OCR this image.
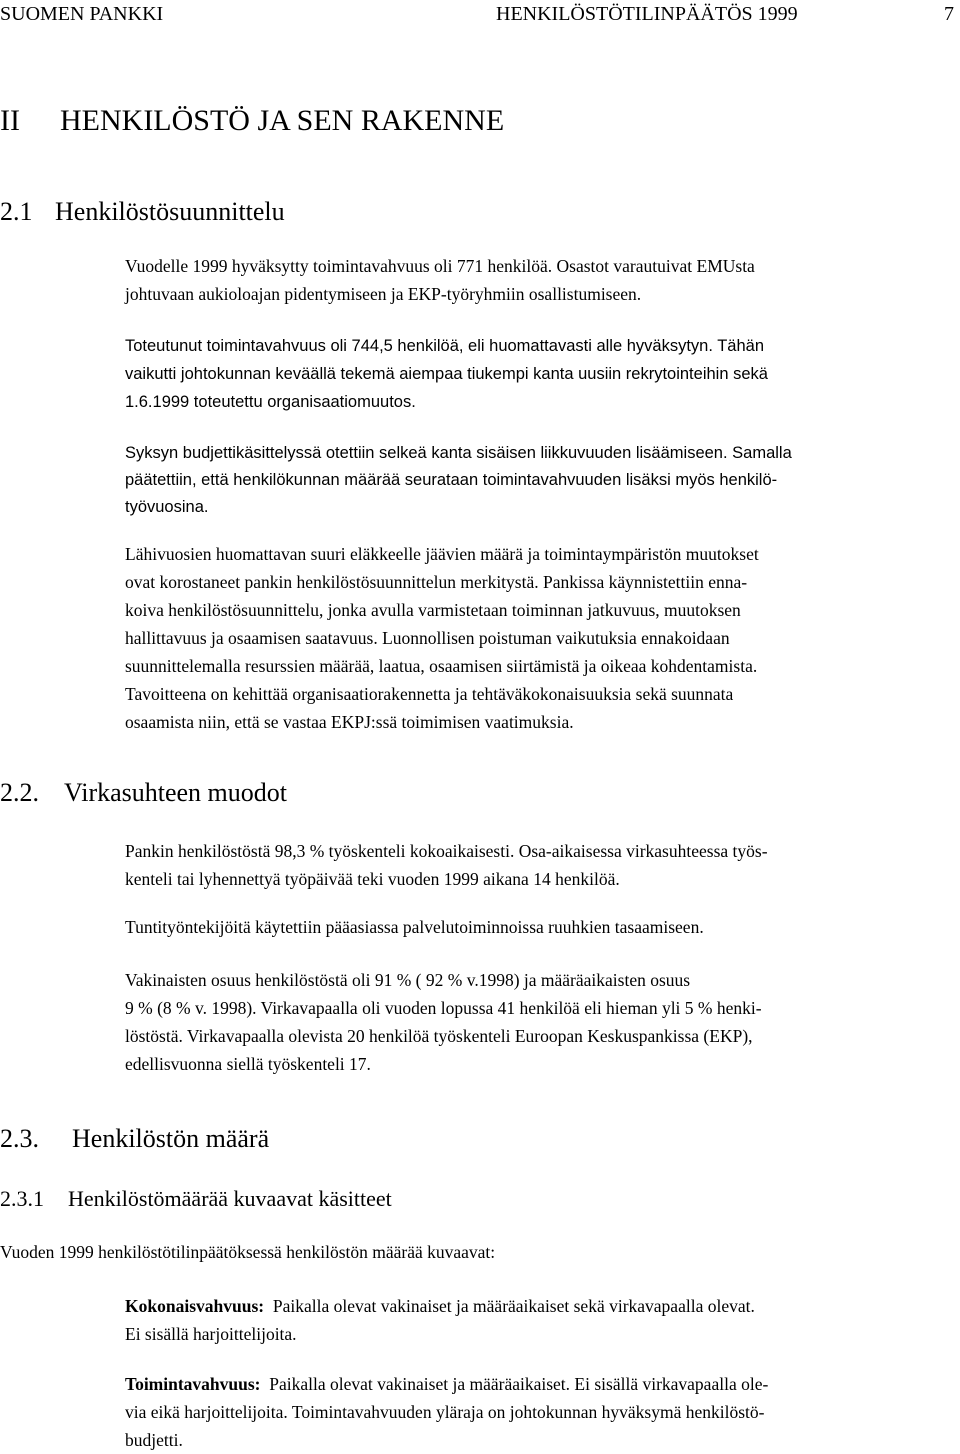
SUOMEN PANKKI	HENKILÖSTÖTILINPÄÄTÖS 1999	7
II HENKILÖSTÖ JA SEN RAKENNE
2.1 Henkilöstösuunnittelu
Vuodelle 1999 hyväksytty toimintavahvuus oli 771 henkilöä. Osastot varautuivat EMUsta
johtuvaan aukioloajan pidentymiseen ja EKP-työryhmiin osallistumiseen.
Toteutunut toimintavahvuus oli 744,5 henkilöä, eli huomattavasti alle hyväksytyn. Tähän
vaikutti johtokunnan keväällä tekemä aiempaa tiukempi kanta uusiin rekrytointeihin sekä
1.6.1999 toteutettu organisaatiomuutos.
Syksyn budjettikäsittelyssä otettiin selkeä kanta sisäisen liikkuvuuden lisäämiseen. Samalla
päätettiin, että henkilökunnan määrää seurataan toimintavahvuuden lisäksi myös henkilö-
työvuosina.
Lähivuosien huomattavan suuri eläkkeelle jäävien määrä ja toimintaympäristön muutokset
ovat korostaneet pankin henkilöstösuunnittelun merkitystä. Pankissa käynnistettiin enna-
koiva henkilöstösuunnittelu, jonka avulla varmistetaan toiminnan jatkuvuus, muutoksen
hallittavuus ja osaamisen saatavuus. Luonnollisen poistuman vaikutuksia ennakoidaan
suunnittelemalla resurssien määrää, laatua, osaamisen siirtämistä ja oikeaa kohdentamista.
Tavoitteena on kehittää organisaatiorakennetta ja tehtäväkokonaisuuksia sekä suunnata
osaamista niin, että se vastaa EKPJ:ssä toimimisen vaatimuksia.
2.2. Virkasuhteen muodot
Pankin henkilöstöstä 98,3 % työskenteli kokoaikaisesti. Osa-aikaisessa virkasuhteessa työs-
kenteli tai lyhennettyä työpäivää teki vuoden 1999 aikana 14 henkilöä.
Tuntityöntekijöitä käytettiin pääasiassa palvelutoiminnoissa ruuhkien tasaamiseen.
Vakinaisten osuus henkilöstöstä oli 91 % ( 92 % v.1998) ja määräaikaisten osuus
9 % (8 % v. 1998). Virkavapaalla oli vuoden lopussa 41 henkilöä eli hieman yli 5 % henki-
löstöstä. Virkavapaalla olevista 20 henkilöä työskenteli Euroopan Keskuspankissa (EKP),
edellisvuonna siellä työskenteli 17.
2.3. Henkilöstön määrä
2.3.1 Henkilöstömäärää kuvaavat käsitteet
Vuoden 1999 henkilöstötilinpäätöksessä henkilöstön määrää kuvaavat:
Kokonaisvahvuus: Paikalla olevat vakinaiset ja määräaikaiset sekä virkavapaalla olevat.
Ei sisällä harjoittelijoita.
Toimintavahvuus: Paikalla olevat vakinaiset ja määräaikaiset. Ei sisällä virkavapaalla ole-
via eikä harjoittelijoita. Toimintavahvuuden yläraja on johtokunnan hyväksymä henkilöstö-
budjetti.
